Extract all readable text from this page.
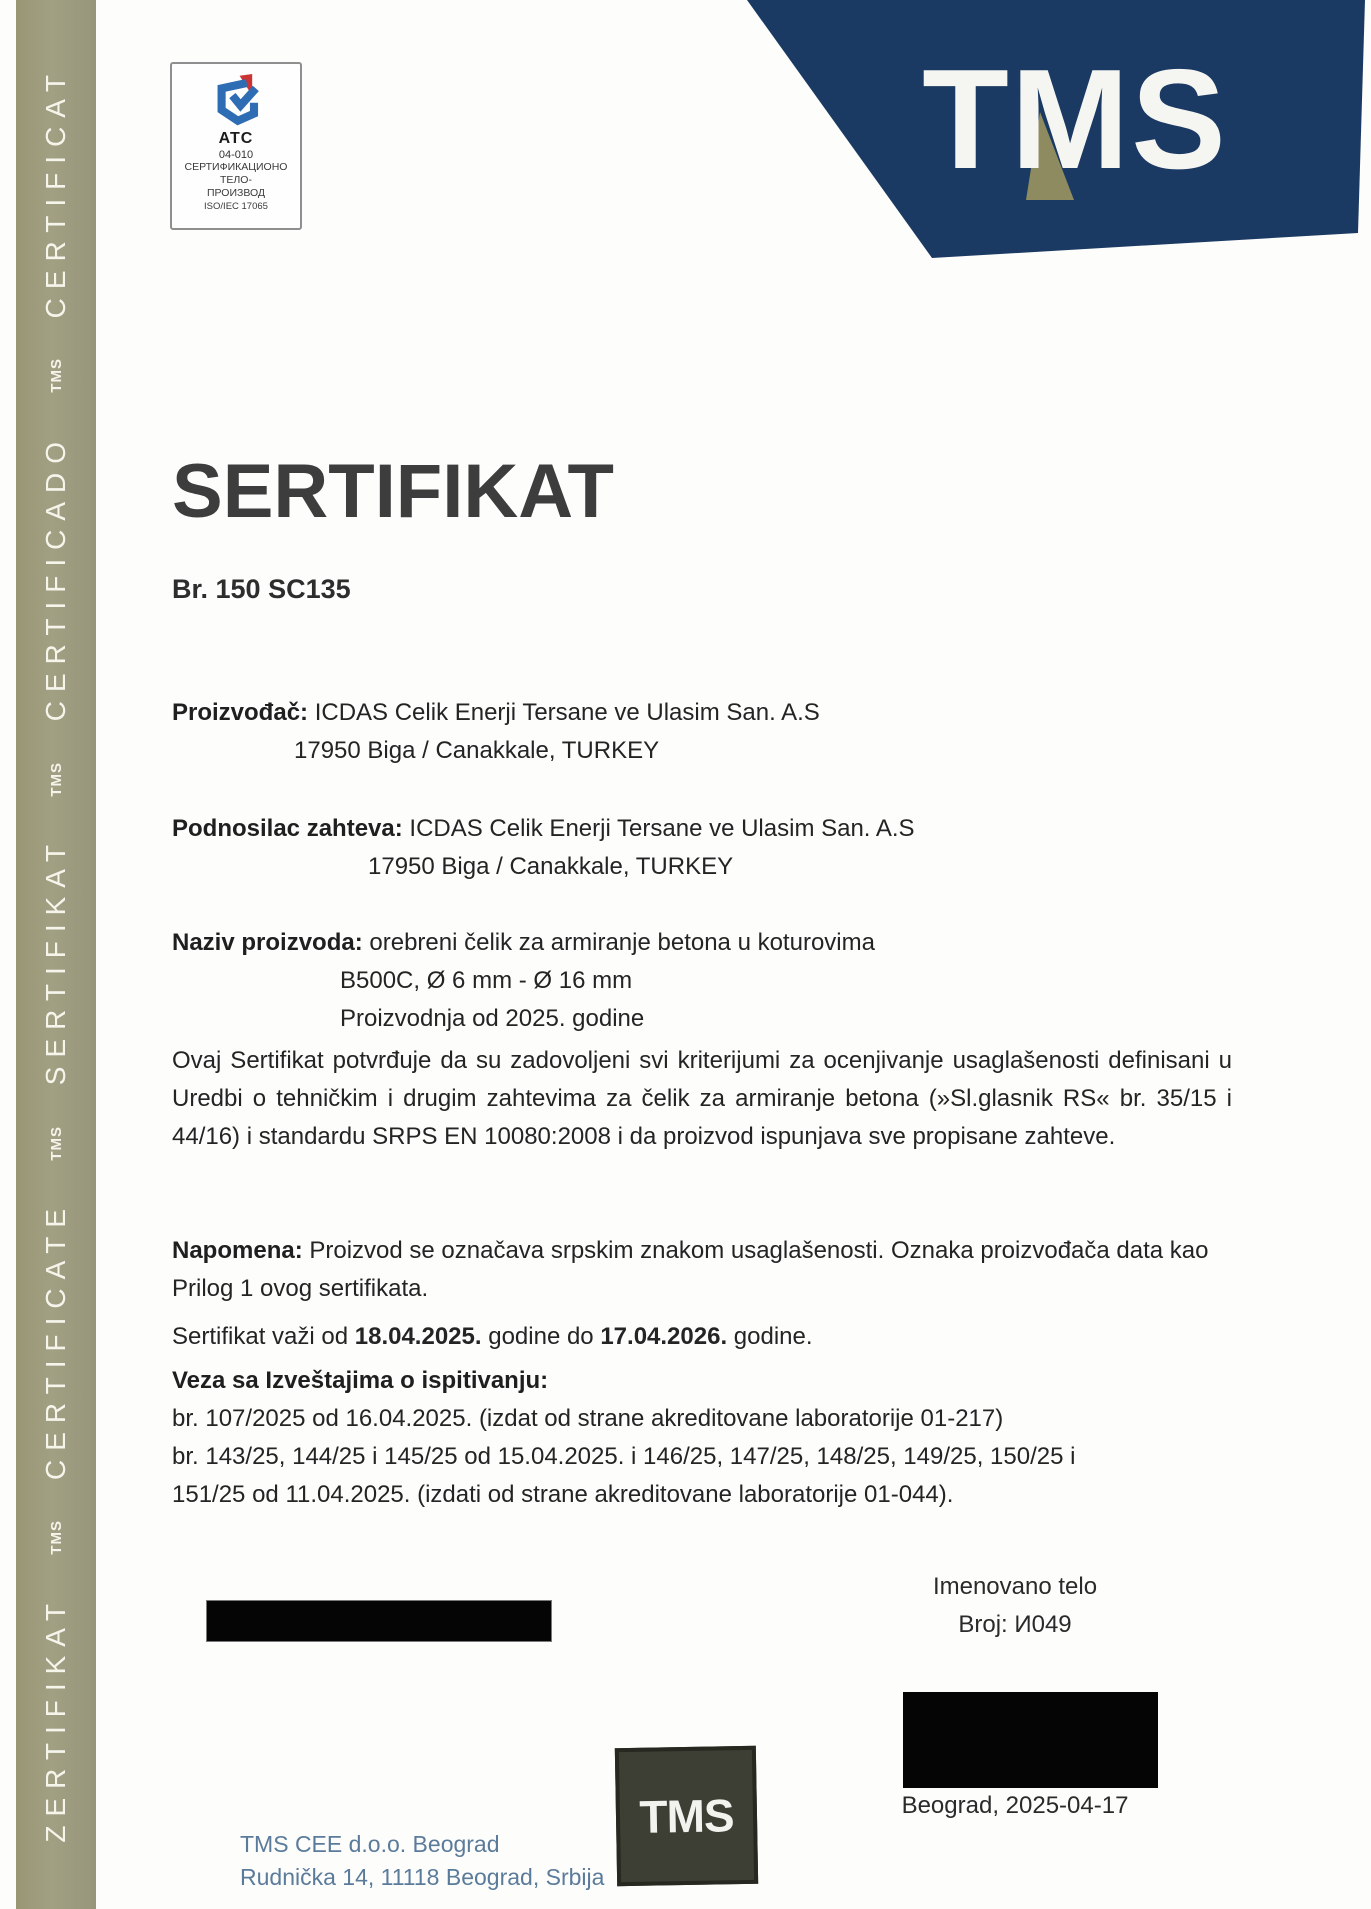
ZERTIFIKAT
TMS
CERTIFICATE
TMS
SERTIFIKAT
TMS
CERTIFICADO
TMS
CERTIFICAT	ATC
04-010
СЕРТИФИКАЦИОНО
ТЕЛО-
ПРОИЗВОД
ISO/IEC 17065
TMS
SERTIFIKAT
Br. 150 SC135
Proizvođač: ICDAS Celik Enerji Tersane ve Ulasim San. A.S
17950 Biga / Canakkale, TURKEY
Podnosilac zahteva: ICDAS Celik Enerji Tersane ve Ulasim San. A.S
17950 Biga / Canakkale, TURKEY
Naziv proizvoda: orebreni čelik za armiranje betona u koturovima
B500C, Ø 6 mm - Ø 16 mm
Proizvodnja od 2025. godine
Ovaj Sertifikat potvrđuje da su zadovoljeni svi kriterijumi za ocenjivanje usaglašenosti definisani u Uredbi o tehničkim i drugim zahtevima za čelik za armiranje betona (»Sl.glasnik RS« br. 35/15 i 44/16) i standardu SRPS EN 10080:2008 i da proizvod ispunjava sve propisane zahteve.
Napomena: Proizvod se označava srpskim znakom usaglašenosti. Oznaka proizvođača data kao Prilog 1 ovog sertifikata.
Sertifikat važi od 18.04.2025. godine do 17.04.2026. godine.
Veza sa Izveštajima o ispitivanju:
br. 107/2025 od 16.04.2025. (izdat od strane akreditovane laboratorije 01-217)
br. 143/25, 144/25 i 145/25 od 15.04.2025. i 146/25, 147/25, 148/25, 149/25, 150/25 i
151/25 od 11.04.2025. (izdati od strane akreditovane laboratorije 01-044).
Imenovano telo
Broj: И049
TMS	Beograd, 2025-04-17
TMS CEE d.o.o. Beograd
Rudnička 14, 11118 Beograd, Srbija
